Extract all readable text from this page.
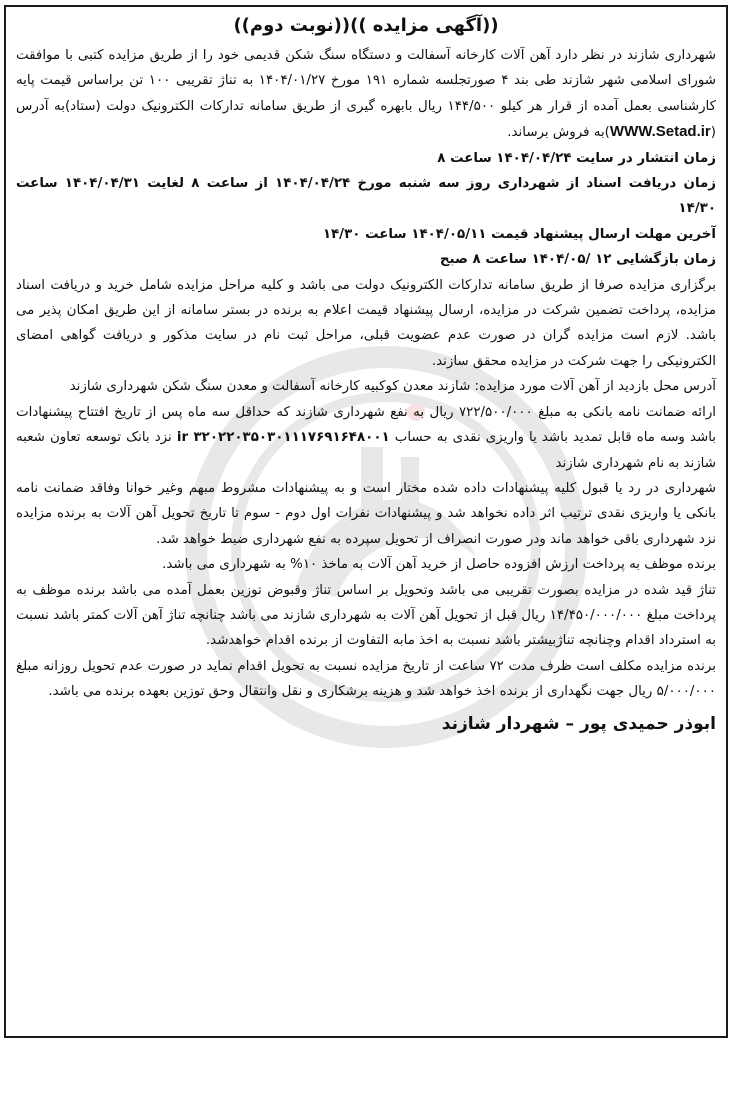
((آگهی مزایده ))((نوبت دوم))

شهرداری شازند در نظر دارد آهن آلات کارخانه آسفالت و دستگاه سنگ شکن قدیمی خود را از طریق مزایده کتبی با موافقت شورای اسلامی شهر شازند طی بند ۴ صورتجلسه شماره ۱۹۱ مورخ ۱۴۰۴/۰۱/۲۷ به تناژ تقریبی ۱۰۰ تن براساس قیمت پایه کارشناسی بعمل آمده از قرار هر کیلو ۱۴۴/۵۰۰ ریال بابهره گیری از طریق سامانه تدارکات الکترونیک دولت (ستاد)به آدرس (WWW.Setad.ir)به فروش برساند.

زمان انتشار در سایت ۱۴۰۴/۰۴/۲۴ ساعت ۸

زمان دریافت اسناد از شهرداری روز سه شنبه مورخ ۱۴۰۴/۰۴/۲۴ از ساعت ۸ لغایت ۱۴۰۴/۰۴/۳۱ ساعت ۱۴/۳۰

آخرین مهلت ارسال پیشنهاد قیمت ۱۴۰۴/۰۵/۱۱ ساعت ۱۴/۳۰

زمان بازگشایی ۱۲ /۱۴۰۴/۰۵ ساعت ۸ صبح

برگزاری مزایده صرفا از طریق سامانه تدارکات الکترونیک دولت می باشد و کلیه مراحل مزایده شامل خرید و دریافت اسناد مزایده، پرداخت تضمین شرکت در مزایده، ارسال پیشنهاد قیمت اعلام به برنده در بستر سامانه از این طریق امکان پذیر می باشد. لازم است مزایده گران در صورت عدم عضویت قبلی، مراحل ثبت نام در سایت مذکور و دریافت گواهی امضای الکترونیکی را جهت شرکت در مزایده محقق سازند.

آدرس محل بازدید از آهن آلات مورد مزایده: شازند معدن کوکبیه کارخانه آسفالت و معدن سنگ شکن شهرداری شازند

ارائه ضمانت نامه بانکی به مبلغ ۷۲۲/۵۰۰/۰۰۰ ریال به نفع شهرداری شازند که حداقل سه ماه پس از تاریخ افتتاح پیشنهادات باشد وسه ماه قابل تمدید باشد یا واریزی نقدی به حساب ir ۳۲۰۲۲۰۳۵۰۳۰۱۱۱۷۶۹۱۶۴۸۰۰۱ نزد بانک توسعه تعاون شعبه شازند به نام شهرداری شازند

شهرداری در رد یا قبول کلیه پیشنهادات داده شده مختار است و به پیشنهادات مشروط مبهم وغیر خوانا وفاقد ضمانت نامه بانکی یا واریزی نقدی ترتیب اثر داده نخواهد شد و پیشنهادات نفرات اول دوم - سوم تا تاریخ تحویل آهن آلات به برنده مزایده نزد شهرداری باقی خواهد ماند ودر صورت انصراف از تحویل سپرده به نفع شهرداری ضبط خواهد شد.

برنده موظف به پرداخت ارزش افزوده حاصل از خرید آهن آلات به ماخذ ۱۰% به شهرداری می باشد.

تناژ قید شده در مزایده بصورت تقریبی می باشد وتحویل بر اساس تناژ وقبوض توزین بعمل آمده می باشد برنده موظف به پرداخت مبلغ ۱۴/۴۵۰/۰۰۰/۰۰۰ ریال قبل از تحویل آهن آلات به شهرداری شازند می باشد چنانچه تناژ آهن آلات کمتر باشد نسبت به استرداد اقدام وچنانچه تناژبیشتر باشد نسبت به اخذ مابه التفاوت از برنده اقدام خواهدشد.

برنده مزایده مکلف است ظرف مدت ۷۲ ساعت از تاریخ مزایده نسبت به تحویل اقدام نماید در صورت عدم تحویل روزانه مبلغ ۵/۰۰۰/۰۰۰ ریال جهت نگهداری از برنده اخذ خواهد شد و هزینه برشکاری و نقل وانتقال وحق توزین بعهده برنده می باشد.

ابوذر حمیدی پور – شهردار شازند
